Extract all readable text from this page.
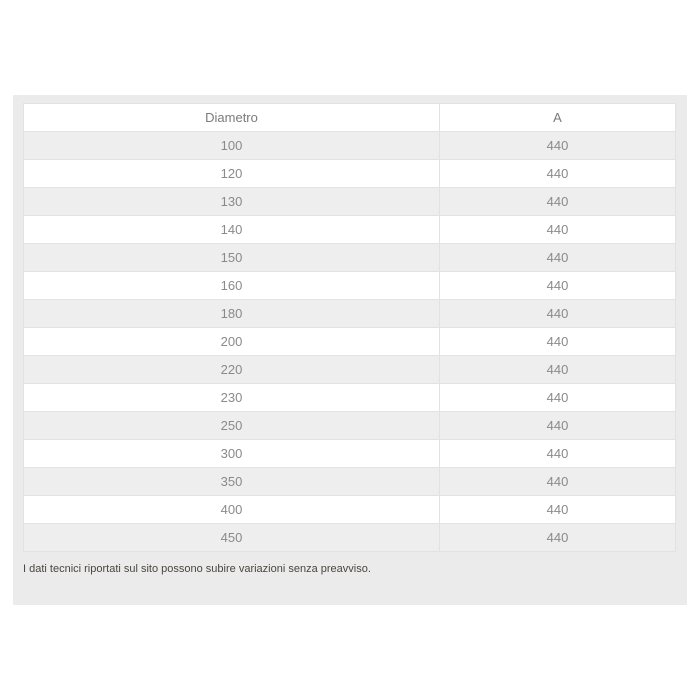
Diametro	A
100	440
120	440
130	440
140	440
150	440
160	440
180	440
200	440
220	440
230	440
250	440
300	440
350	440
400	440
450	440
I dati tecnici riportati sul sito possono subire variazioni senza preavviso.
